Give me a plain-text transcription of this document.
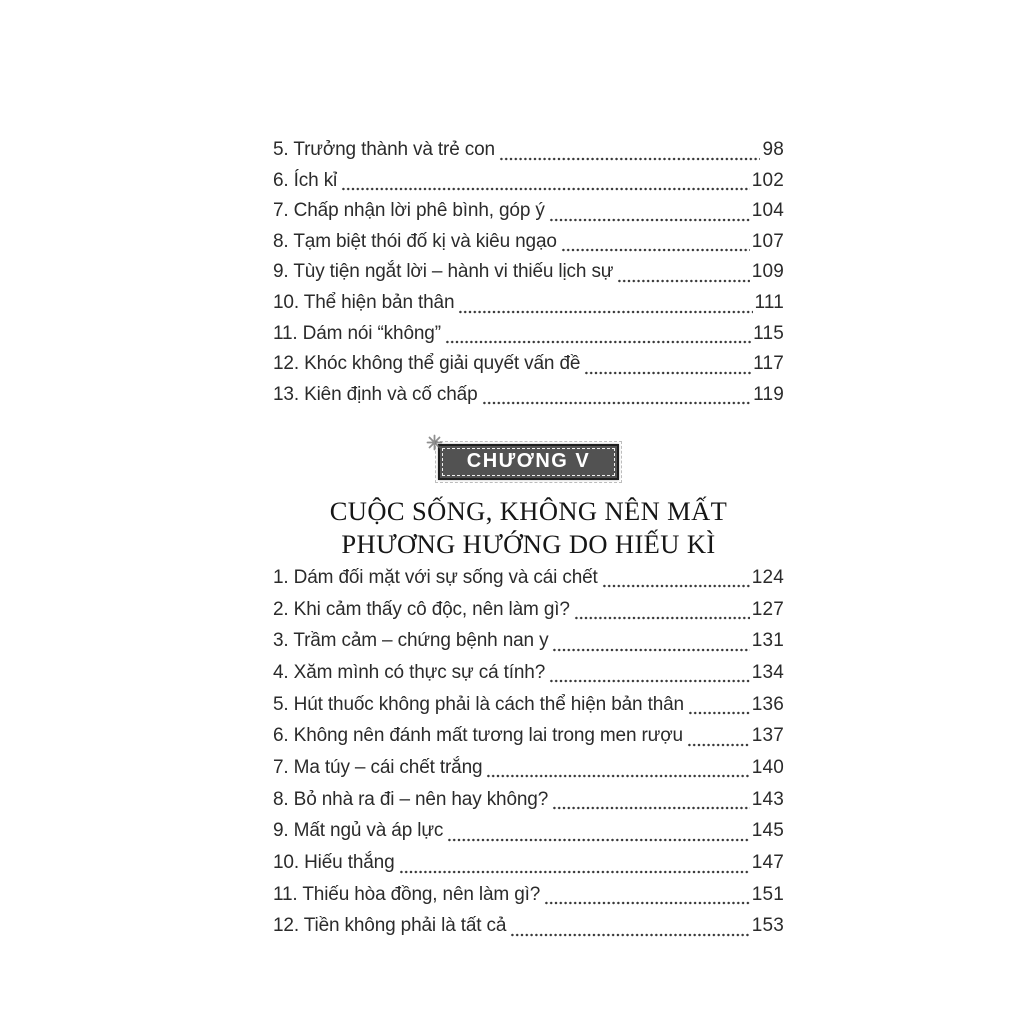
5. Trưởng thành và trẻ con	98
6. Ích kỉ	102
7. Chấp nhận lời phê bình, góp ý	104
8. Tạm biệt thói đố kị và kiêu ngạo	107
9. Tùy tiện ngắt lời – hành vi thiếu lịch sự	109
10. Thể hiện bản thân	111
11. Dám nói “không”	115
12. Khóc không thể giải quyết vấn đề	117
13. Kiên định và cố chấp	119
CHƯƠNG V
CUỘC SỐNG, KHÔNG NÊN MẤT
PHƯƠNG HƯỚNG DO HIẾU KÌ
1. Dám đối mặt với sự sống và cái chết	124
2. Khi cảm thấy cô độc, nên làm gì?	127
3. Trầm cảm – chứng bệnh nan y	131
4. Xăm mình có thực sự cá tính?	134
5. Hút thuốc không phải là cách thể hiện bản thân	136
6. Không nên đánh mất tương lai trong men rượu	137
7. Ma túy – cái chết trắng	140
8. Bỏ nhà ra đi – nên hay không?	143
9. Mất ngủ và áp lực	145
10. Hiếu thắng	147
11. Thiếu hòa đồng, nên làm gì?	151
12. Tiền không phải là tất cả	153
